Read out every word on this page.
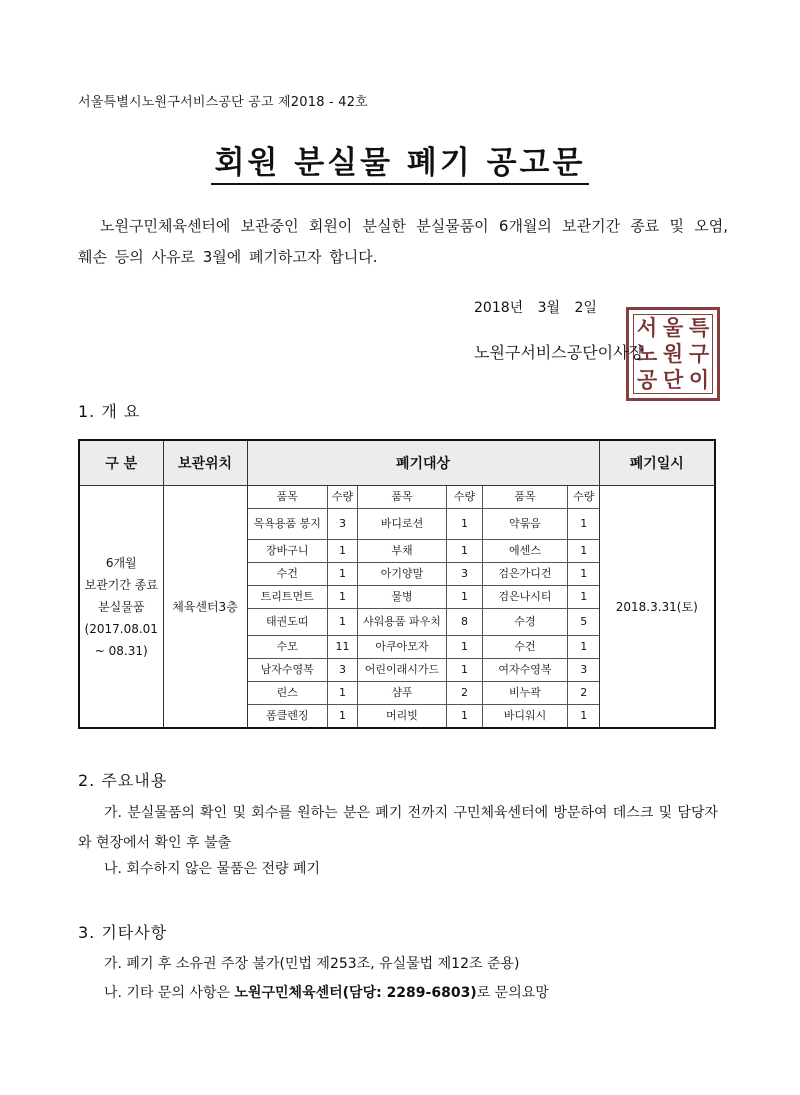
서울특별시노원구서비스공단 공고 제2018 - 42호
회원 분실물 폐기 공고문
노원구민체육센터에 보관중인 회원이 분실한 분실물품이 6개월의 보관기간 종료 및 오염, 훼손 등의 사유로 3월에 폐기하고자 합니다.
2018년 3월 2일
서 울 특
노 원 구
공 단 이
노원구서비스공단이사장
1. 개 요
구 분	보관위치	폐기대상	폐기일시

6개월
보관기간 종료
분실물품
(2017.08.01
~ 08.31)
	체육센터3층	
품목	수량	품목	수량	품목	수량
목욕용품 봉지	3	바디로션	1	약묶음	1
장바구니	1	부채	1	에센스	1
수건	1	아기양말	3	검은가디건	1
트리트먼트	1	물병	1	검은나시티	1
태권도띠	1	샤워용품 파우치	8	수경	5
수모	11	아쿠아모자	1	수건	1
남자수영복	3	어린이래시가드	1	여자수영복	3
린스	1	샴푸	2	비누곽	2
폼클렌징	1	머리빗	1	바디워시	1
	2018.3.31(토)
2. 주요내용
가. 분실물품의 확인 및 회수를 원하는 분은 폐기 전까지 구민체육센터에 방문하여 데스크 및 담당자와 현장에서 확인 후 불출
나. 회수하지 않은 물품은 전량 폐기
3. 기타사항
가. 폐기 후 소유권 주장 불가(민법 제253조, 유실물법 제12조 준용)
나. 기타 문의 사항은 노원구민체육센터(담당: 2289-6803)로 문의요망
